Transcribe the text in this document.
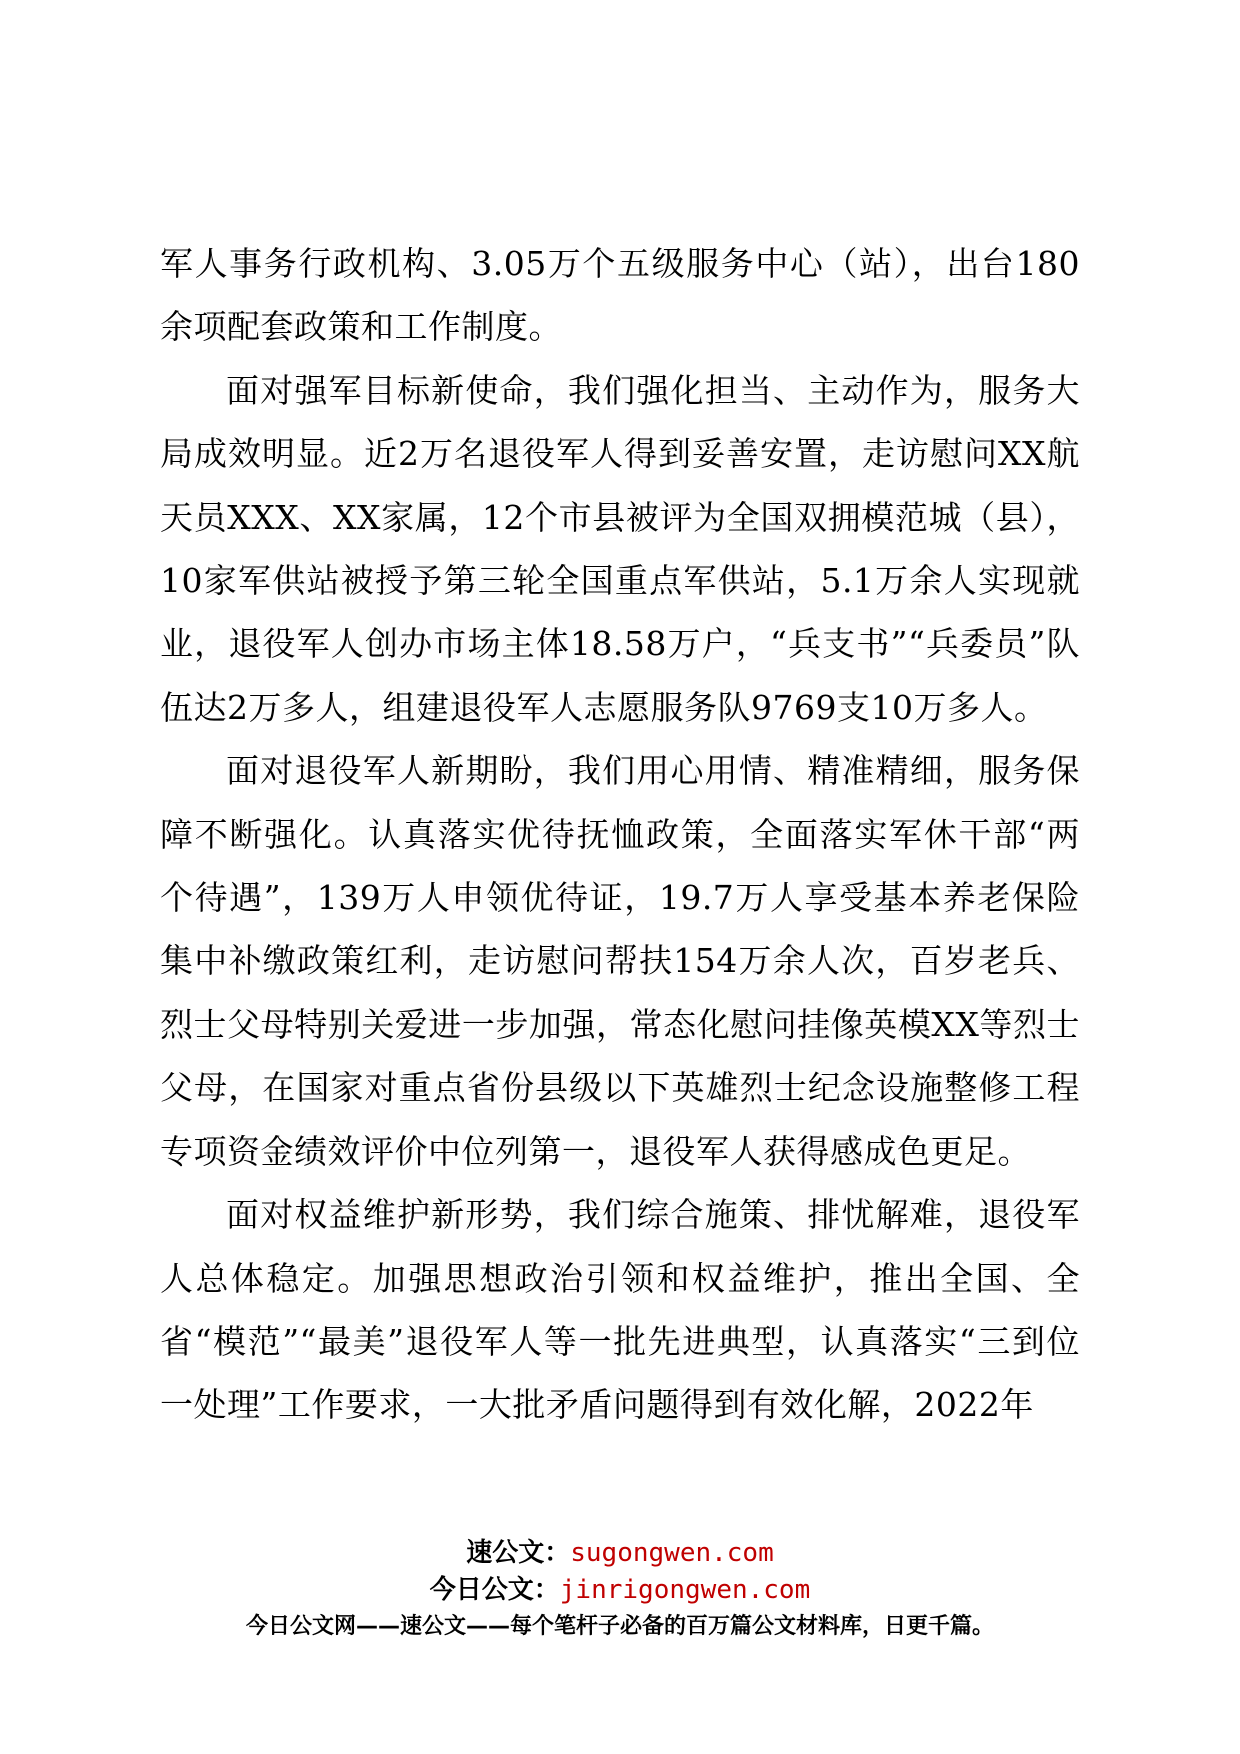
军人事务行政机构、3.05万个五级服务中心（站），出台180余项配套政策和工作制度。

面对强军目标新使命，我们强化担当、主动作为，服务大局成效明显。近2万名退役军人得到妥善安置，走访慰问XX航天员XXX、XX家属，12个市县被评为全国双拥模范城（县），10家军供站被授予第三轮全国重点军供站，5.1万余人实现就业，退役军人创办市场主体18.58万户，“兵支书”“兵委员”队伍达2万多人，组建退役军人志愿服务队9769支10万多人。

面对退役军人新期盼，我们用心用情、精准精细，服务保障不断强化。认真落实优待抚恤政策，全面落实军休干部“两个待遇”，139万人申领优待证，19.7万人享受基本养老保险集中补缴政策红利，走访慰问帮扶154万余人次，百岁老兵、烈士父母特别关爱进一步加强，常态化慰问挂像英模XX等烈士父母，在国家对重点省份县级以下英雄烈士纪念设施整修工程专项资金绩效评价中位列第一，退役军人获得感成色更足。

面对权益维护新形势，我们综合施策、排忧解难，退役军人总体稳定。加强思想政治引领和权益维护，推出全国、全省“模范”“最美”退役军人等一批先进典型，认真落实“三到位一处理”工作要求，一大批矛盾问题得到有效化解，2022年

速公文：sugongwen.com
今日公文：jinrigongwen.com
今日公文网——速公文——每个笔杆子必备的百万篇公文材料库，日更千篇。
